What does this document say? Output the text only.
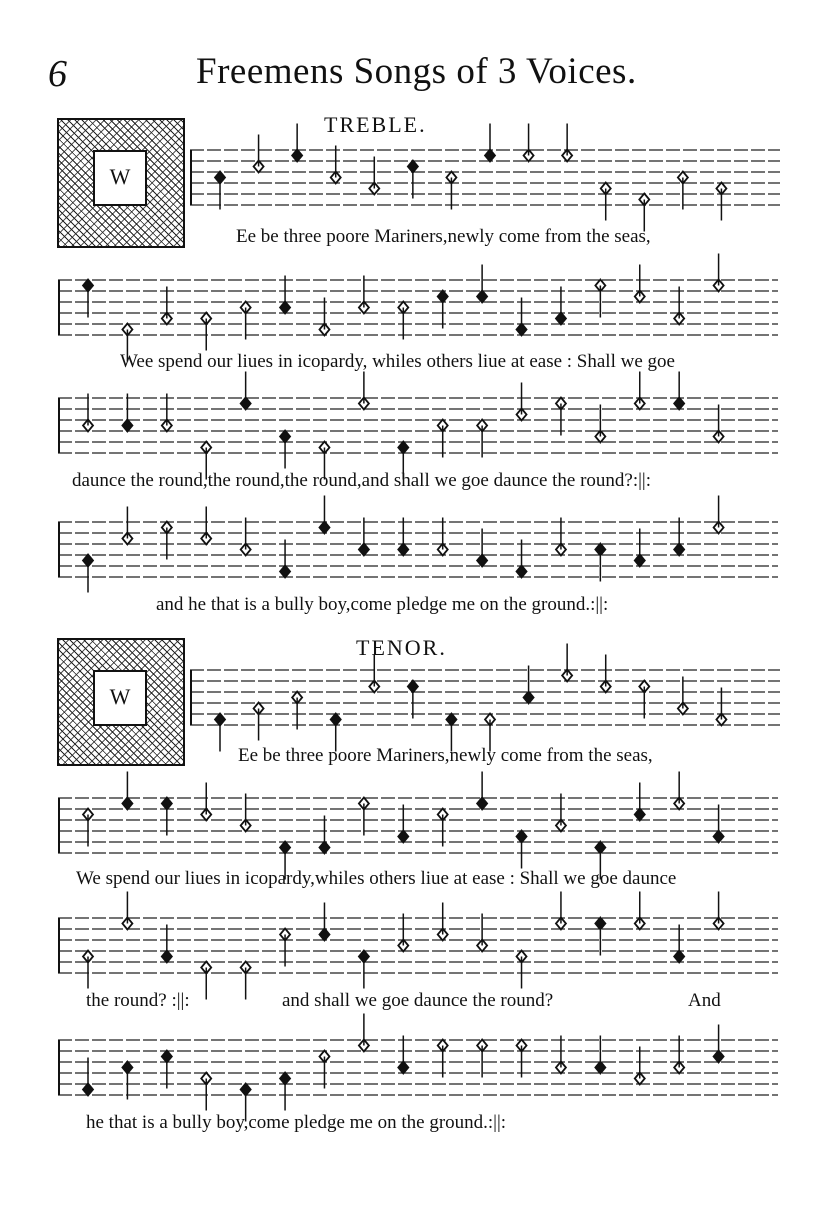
6	Freemens Songs of 3 Voices.
TREBLE.
W
Ee be three poore Mariners,newly come from the seas,
Wee spend our liues in icopardy, whiles others liue at ease : Shall we goe
daunce the round,the round,the round,and shall we goe daunce the round?:||:
and he that is a bully boy,come pledge me on the ground.:||:
TENOR.
W
Ee be three poore Mariners,newly come from the seas,
We spend our liues in icopardy,whiles others liue at ease : Shall we goe daunce
the round? :||:	and shall we goe daunce the round?	And
he that is a bully boy,come pledge me on the ground.:||:
